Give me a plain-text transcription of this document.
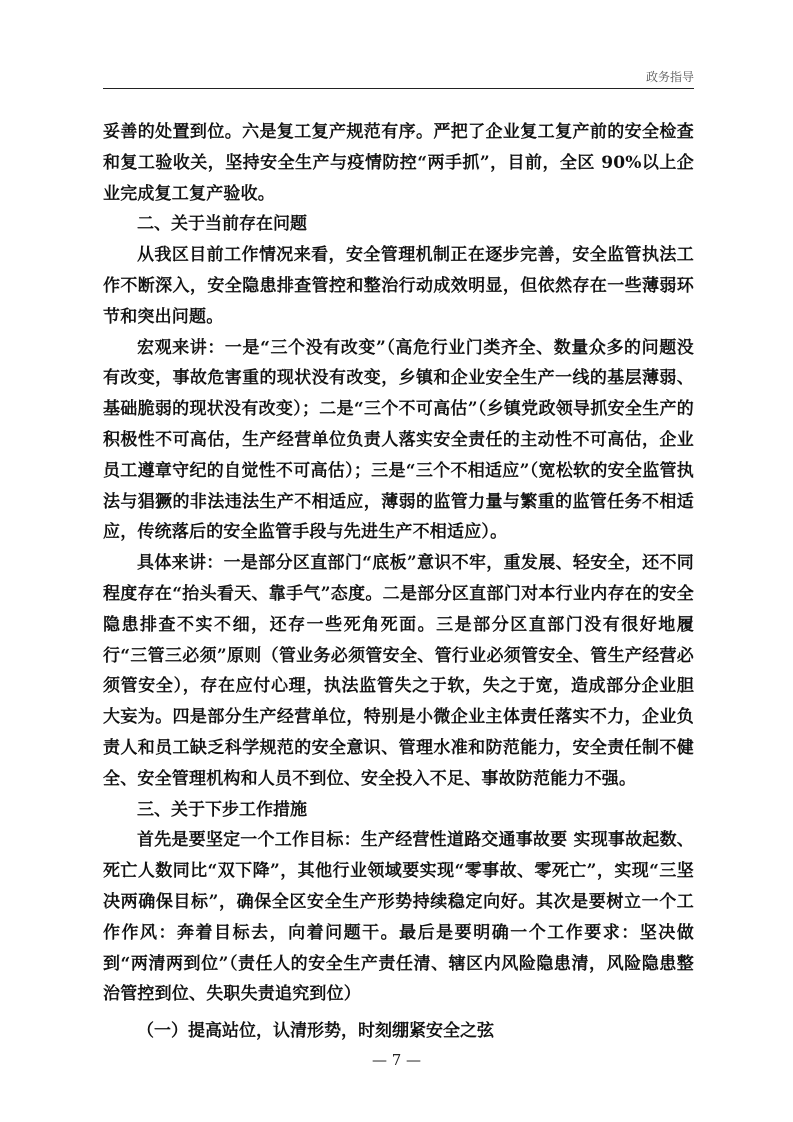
政务指导

妥善的处置到位。六是复工复产规范有序。严把了企业复工复产前的安全检查和复工验收关，坚持安全生产与疫情防控“两手抓”，目前，全区 90%以上企业完成复工复产验收。

二、关于当前存在问题

从我区目前工作情况来看，安全管理机制正在逐步完善，安全监管执法工作不断深入，安全隐患排查管控和整治行动成效明显，但依然存在一些薄弱环节和突出问题。

宏观来讲：一是“三个没有改变”（高危行业门类齐全、数量众多的问题没有改变，事故危害重的现状没有改变，乡镇和企业安全生产一线的基层薄弱、基础脆弱的现状没有改变）；二是“三个不可高估”（乡镇党政领导抓安全生产的积极性不可高估，生产经营单位负责人落实安全责任的主动性不可高估，企业员工遵章守纪的自觉性不可高估）；三是“三个不相适应”（宽松软的安全监管执法与猖獗的非法违法生产不相适应，薄弱的监管力量与繁重的监管任务不相适应，传统落后的安全监管手段与先进生产不相适应）。

具体来讲：一是部分区直部门“底板”意识不牢，重发展、轻安全，还不同程度存在“抬头看天、靠手气”态度。二是部分区直部门对本行业内存在的安全隐患排查不实不细，还存一些死角死面。三是部分区直部门没有很好地履行“三管三必须”原则（管业务必须管安全、管行业必须管安全、管生产经营必须管安全），存在应付心理，执法监管失之于软，失之于宽，造成部分企业胆大妄为。四是部分生产经营单位，特别是小微企业主体责任落实不力，企业负责人和员工缺乏科学规范的安全意识、管理水准和防范能力，安全责任制不健全、安全管理机构和人员不到位、安全投入不足、事故防范能力不强。

三、关于下步工作措施

首先是要坚定一个工作目标：生产经营性道路交通事故要 实现事故起数、死亡人数同比“双下降”，其他行业领域要实现“零事故、零死亡”，实现“三坚决两确保目标”，确保全区安全生产形势持续稳定向好。其次是要树立一个工作作风：奔着目标去，向着问题干。最后是要明确一个工作要求：坚决做到“两清两到位”（责任人的安全生产责任清、辖区内风险隐患清，风险隐患整治管控到位、失职失责追究到位）

（一）提高站位，认清形势，时刻绷紧安全之弦

— 7 —
